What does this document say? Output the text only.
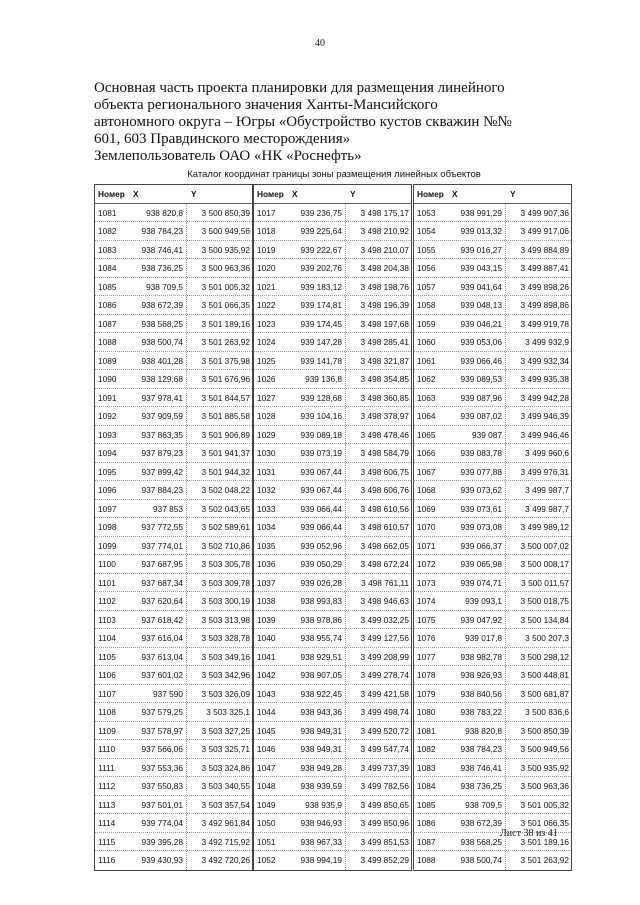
40
Основная часть проекта планировки для размещения линейного
объекта регионального значения Ханты-Мансийского
автономного округа – Югры «Обустройство кустов скважин №№
601, 603 Правдинского месторождения»
Землепользователь ОАО «НК «Роснефть»
Каталог координат границы зоны размещения линейных объектов
Номер X	Y
1081	938 820,8	3 500 850,39
1082	938 784,23	3 500 949,56
1083	938 746,41	3 500 935,92
1084	938 736,25	3 500 963,36
1085	938 709,5	3 501 005,32
1086	938 672,39	3 501 066,35
1087	938 568,25	3 501 189,16
1088	938 500,74	3 501 263,92
1089	938 401,28	3 501 375,98
1090	938 129,68	3 501 676,96
1091	937 978,41	3 501 844,57
1092	937 909,59	3 501 885,58
1093	937 863,35	3 501 906,89
1094	937 879,23	3 501 941,37
1095	937 899,42	3 501 944,32
1096	937 884,23	3 502 048,22
1097	937 853	3 502 043,65
1098	937 772,55	3 502 589,61
1099	937 774,01	3 502 710,86
1100	937 687,95	3 503 305,78
1101	937 687,34	3 503 309,78
1102	937 620,64	3 503 300,19
1103	937 618,42	3 503 313,98
1104	937 616,04	3 503 328,78
1105	937 613,04	3 503 349,16
1106	937 601,02	3 503 342,96
1107	937 590	3 503 326,09
1108	937 579,25	3 503 325,1
1109	937 578,97	3 503 327,25
1110	937 566,06	3 503 325,71
1111	937 553,36	3 503 324,86
1112	937 550,83	3 503 340,55
1113	937 501,01	3 503 357,54
1114	939 774,04	3 492 961,84
1115	939 395,28	3 492 715,92
1116	939 430,93	3 492 720,26
Номер X	Y
1017	939 236,75	3 498 175,17
1018	939 225,64	3 498 210,92
1019	939 222,67	3 498 210,07
1020	939 202,76	3 498 204,38
1021	939 183,12	3 498 198,76
1022	939 174,81	3 498 196,39
1023	939 174,45	3 498 197,68
1024	939 147,28	3 498 285,41
1025	939 141,78	3 498 321,87
1026	939 136,8	3 498 354,85
1027	939 128,68	3 498 360,85
1028	939 104,16	3 498 378,97
1029	939 089,18	3 498 478,46
1030	939 073,19	3 498 584,79
1031	939 067,44	3 498 606,75
1032	939 067,44	3 498 606,76
1033	939 066,44	3 498 610,56
1034	939 066,44	3 498 610,57
1035	939 052,96	3 498 662,05
1036	939 050,29	3 498 672,24
1037	939 026,28	3 498 761,11
1038	938 993,83	3 498 946,63
1039	938 978,86	3 499 032,25
1040	938 955,74	3 499 127,56
1041	938 929,51	3 499 208,99
1042	938 907,05	3 499 278,74
1043	938 922,45	3 499 421,58
1044	938 943,36	3 499 498,74
1045	938 949,31	3 499 520,72
1046	938 949,31	3 499 547,74
1047	938 949,28	3 499 737,39
1048	938 939,59	3 499 782,56
1049	938 935,9	3 499 850,65
1050	938 946,93	3 499 850,96
1051	938 967,33	3 499 851,53
1052	938 994,19	3 499 852,29
Номер X	Y
1053	938 991,29	3 499 907,36
1054	939 013,32	3 499 917,06
1055	939 016,27	3 499 884,89
1056	939 043,15	3 499 887,41
1057	939 041,64	3 499 898,26
1058	939 048,13	3 499 898,86
1059	939 046,21	3 499 919,78
1060	939 053,06	3 499 932,9
1061	939 066,46	3 499 932,34
1062	939 089,53	3 499 935,38
1063	939 087,96	3 499 942,28
1064	939 087,02	3 499 946,39
1065	939 087	3 499 946,46
1066	939 083,78	3 499 960,6
1067	939 077,88	3 499 976,31
1068	939 073,62	3 499 987,7
1069	939 073,61	3 499 987,7
1070	939 073,08	3 499 989,12
1071	939 066,37	3 500 007,02
1072	939 065,98	3 500 008,17
1073	939 074,71	3 500 011,57
1074	939 093,1	3 500 018,75
1075	939 047,92	3 500 134,84
1076	939 017,8	3 500 207,3
1077	938 982,78	3 500 298,12
1078	938 926,93	3 500 448,81
1079	938 840,56	3 500 681,87
1080	938 783,22	3 500 836,6
1081	938 820,8	3 500 850,39
1082	938 784,23	3 500 949,56
1083	938 746,41	3 500 935,92
1084	938 736,25	3 500 963,36
1085	938 709,5	3 501 005,32
1086	938 672,39	3 501 066,35
1087	938 568,25	3 501 189,16
1088	938 500,74	3 501 263,92
Лист 38 из 41
